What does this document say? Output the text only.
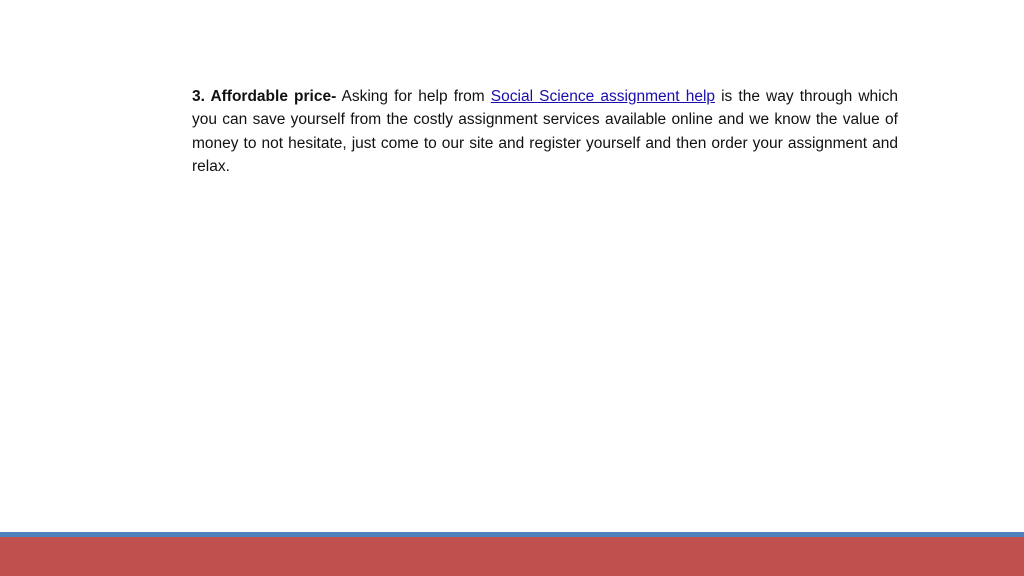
3. Affordable price- Asking for help from Social Science assignment help is the way through which you can save yourself from the costly assignment services available online and we know the value of money to not hesitate, just come to our site and register yourself and then order your assignment and relax.
